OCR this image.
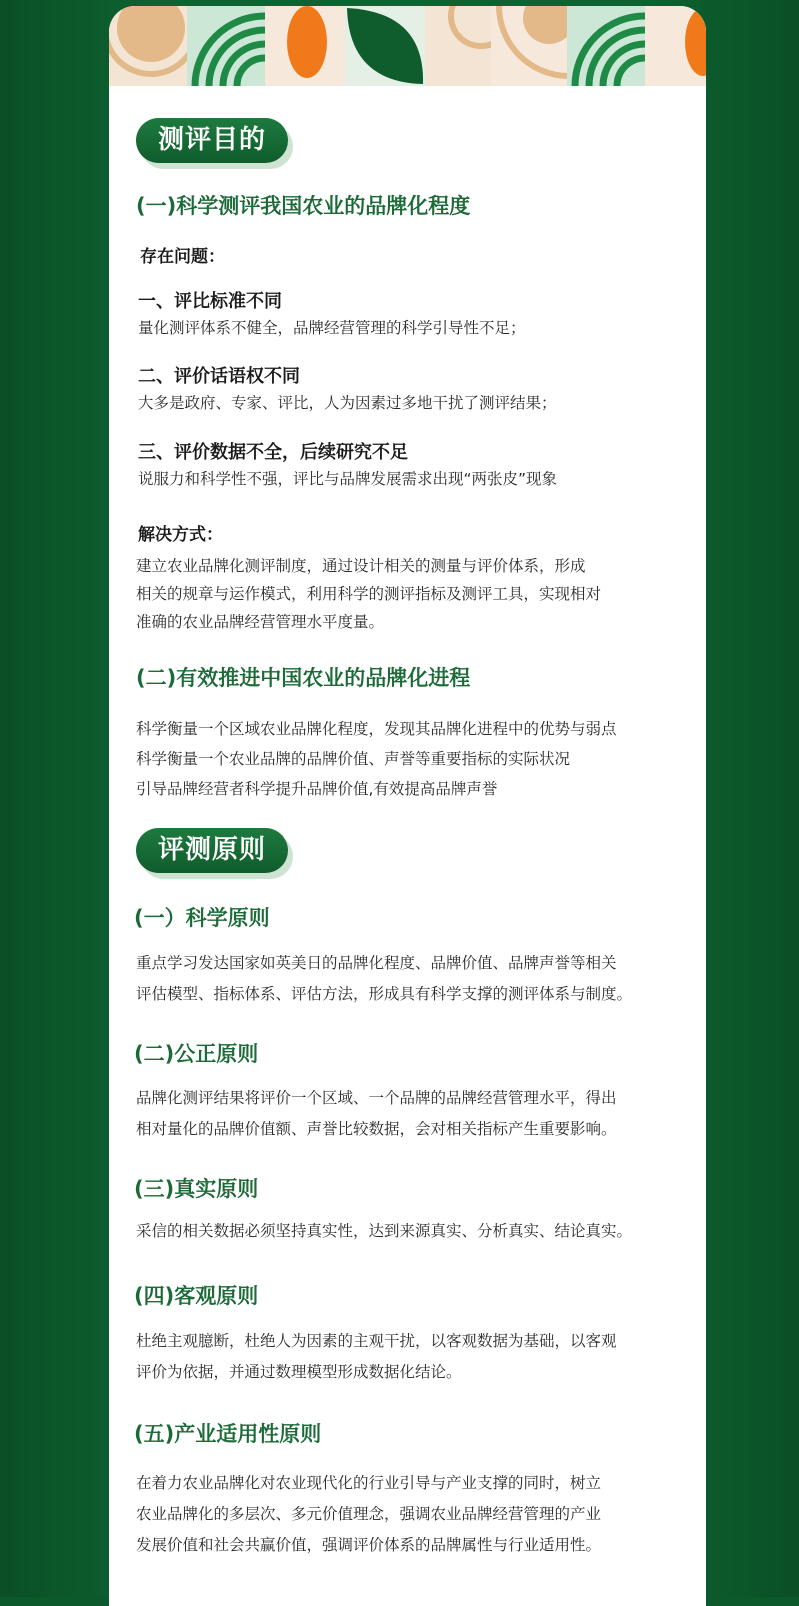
测评目的
(一)科学测评我国农业的品牌化程度
存在问题：
一、评比标准不同
量化测评体系不健全，品牌经营管理的科学引导性不足；
二、评价话语权不同
大多是政府、专家、评比，人为因素过多地干扰了测评结果；
三、评价数据不全，后续研究不足
说服力和科学性不强，评比与品牌发展需求出现“两张皮”现象
解决方式：
建立农业品牌化测评制度，通过设计相关的测量与评价体系，形成
相关的规章与运作模式，利用科学的测评指标及测评工具，实现相对
准确的农业品牌经营管理水平度量。
(二)有效推进中国农业的品牌化进程
科学衡量一个区域农业品牌化程度，发现其品牌化进程中的优势与弱点
科学衡量一个农业品牌的品牌价值、声誉等重要指标的实际状况
引导品牌经营者科学提升品牌价值,有效提高品牌声誉
评测原则
(一）科学原则
重点学习发达国家如英美日的品牌化程度、品牌价值、品牌声誉等相关
评估模型、指标体系、评估方法，形成具有科学支撑的测评体系与制度。
(二)公正原则
品牌化测评结果将评价一个区域、一个品牌的品牌经营管理水平，得出
相对量化的品牌价值额、声誉比较数据，会对相关指标产生重要影响。
(三)真实原则
采信的相关数据必须坚持真实性，达到来源真实、分析真实、结论真实。
(四)客观原则
杜绝主观臆断，杜绝人为因素的主观干扰，以客观数据为基础，以客观
评价为依据，并通过数理模型形成数据化结论。
(五)产业适用性原则
在着力农业品牌化对农业现代化的行业引导与产业支撑的同时，树立
农业品牌化的多层次、多元价值理念，强调农业品牌经营管理的产业
发展价值和社会共赢价值，强调评价体系的品牌属性与行业适用性。
